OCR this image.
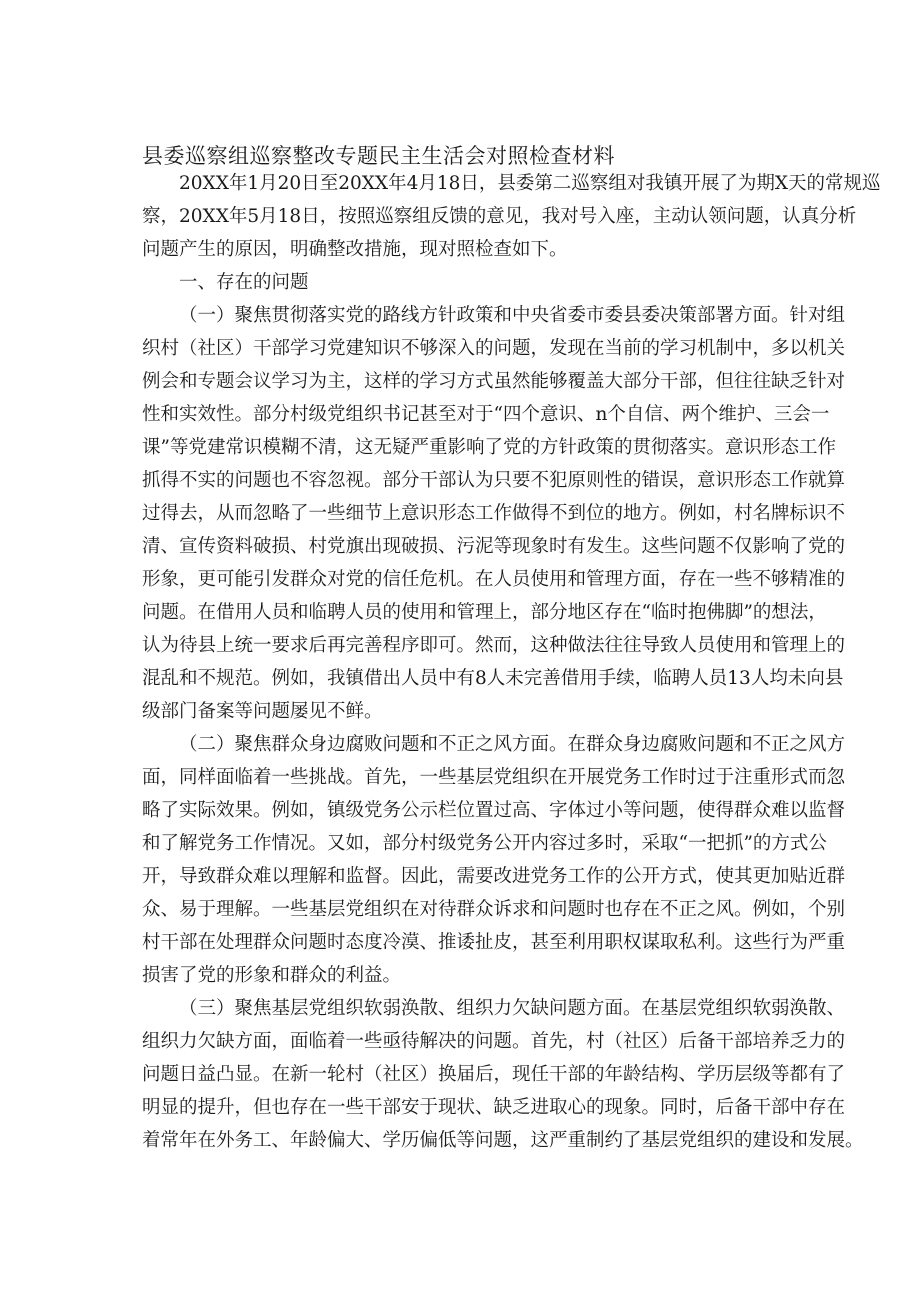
县委巡察组巡察整改专题民主生活会对照检查材料
20XX年1月20日至20XX年4月18日，县委第二巡察组对我镇开展了为期X天的常规巡
察，20XX年5月18日，按照巡察组反馈的意见，我对号入座，主动认领问题，认真分析
问题产生的原因，明确整改措施，现对照检查如下。
一、存在的问题
（一）聚焦贯彻落实党的路线方针政策和中央省委市委县委决策部署方面。针对组
织村（社区）干部学习党建知识不够深入的问题，发现在当前的学习机制中，多以机关
例会和专题会议学习为主，这样的学习方式虽然能够覆盖大部分干部，但往往缺乏针对
性和实效性。部分村级党组织书记甚至对于“四个意识、n个自信、两个维护、三会一
课”等党建常识模糊不清，这无疑严重影响了党的方针政策的贯彻落实。意识形态工作
抓得不实的问题也不容忽视。部分干部认为只要不犯原则性的错误，意识形态工作就算
过得去，从而忽略了一些细节上意识形态工作做得不到位的地方。例如，村名牌标识不
清、宣传资料破损、村党旗出现破损、污泥等现象时有发生。这些问题不仅影响了党的
形象，更可能引发群众对党的信任危机。在人员使用和管理方面，存在一些不够精准的
问题。在借用人员和临聘人员的使用和管理上，部分地区存在“临时抱佛脚”的想法，
认为待县上统一要求后再完善程序即可。然而，这种做法往往导致人员使用和管理上的
混乱和不规范。例如，我镇借出人员中有8人未完善借用手续，临聘人员13人均未向县
级部门备案等问题屡见不鲜。
（二）聚焦群众身边腐败问题和不正之风方面。在群众身边腐败问题和不正之风方
面，同样面临着一些挑战。首先，一些基层党组织在开展党务工作时过于注重形式而忽
略了实际效果。例如，镇级党务公示栏位置过高、字体过小等问题，使得群众难以监督
和了解党务工作情况。又如，部分村级党务公开内容过多时，采取“一把抓”的方式公
开，导致群众难以理解和监督。因此，需要改进党务工作的公开方式，使其更加贴近群
众、易于理解。一些基层党组织在对待群众诉求和问题时也存在不正之风。例如，个别
村干部在处理群众问题时态度冷漠、推诿扯皮，甚至利用职权谋取私利。这些行为严重
损害了党的形象和群众的利益。
（三）聚焦基层党组织软弱涣散、组织力欠缺问题方面。在基层党组织软弱涣散、
组织力欠缺方面，面临着一些亟待解决的问题。首先，村（社区）后备干部培养乏力的
问题日益凸显。在新一轮村（社区）换届后，现任干部的年龄结构、学历层级等都有了
明显的提升，但也存在一些干部安于现状、缺乏进取心的现象。同时，后备干部中存在
着常年在外务工、年龄偏大、学历偏低等问题，这严重制约了基层党组织的建设和发展。
